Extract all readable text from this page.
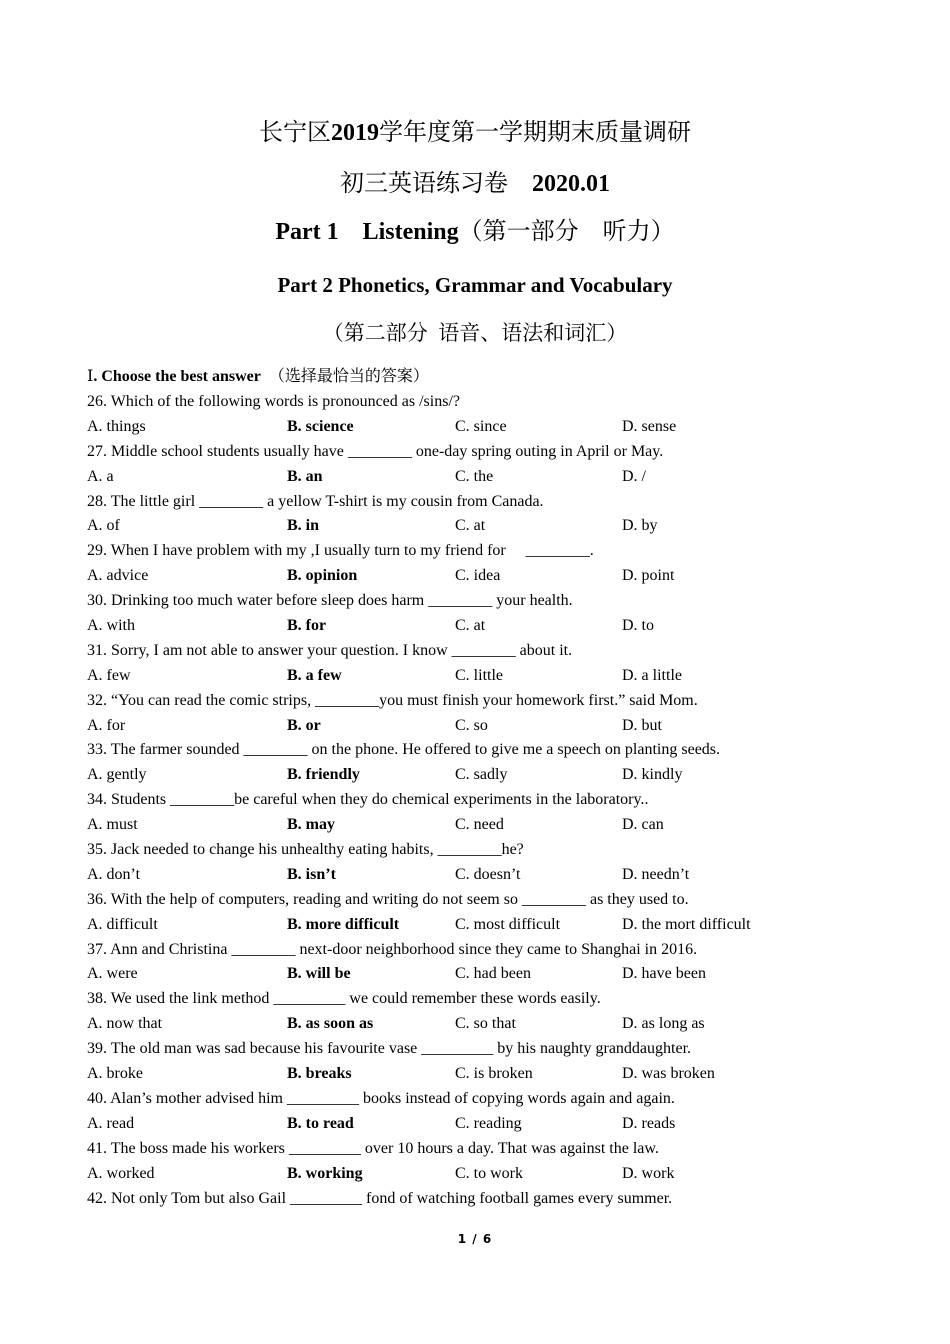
长宁区2019学年度第一学期期末质量调研
初三英语练习卷 2020.01
Part 1    Listening（第一部分　听力）
Part 2 Phonetics, Grammar and Vocabulary
（第二部分  语音、语法和词汇）
Ⅰ. Choose the best answer （选择最恰当的答案）
26. Which of the following words is pronounced as /sins/?
A. things	B. science	C. since	D. sense
27. Middle school students usually have ________ one-day spring outing in April or May.
A. a	B. an	C. the	D. /
28. The little girl ________ a yellow T-shirt is my cousin from Canada.
A. of	B. in	C. at	D. by
29. When I have problem with my ,I usually turn to my friend for     ________.
A. advice	B. opinion	C. idea	D. point
30. Drinking too much water before sleep does harm ________ your health.
A. with	B. for	C. at	D. to
31. Sorry, I am not able to answer your question. I know ________ about it.
A. few	B. a few	C. little	D. a little
32. “You can read the comic strips, ________you must finish your homework first.” said Mom.
A. for	B. or	C. so	D. but
33. The farmer sounded ________ on the phone. He offered to give me a speech on planting seeds.
A. gently	B. friendly	C. sadly	D. kindly
34. Students ________be careful when they do chemical experiments in the laboratory..
A. must	B. may	C. need	D. can
35. Jack needed to change his unhealthy eating habits, ________he?
A. don’t	B. isn’t	C. doesn’t	D. needn’t
36. With the help of computers, reading and writing do not seem so ________ as they used to.
A. difficult	B. more difficult	C. most difficult	D. the mort difficult
37. Ann and Christina ________ next-door neighborhood since they came to Shanghai in 2016.
A. were	B. will be	C. had been	D. have been
38. We used the link method _________ we could remember these words easily.
A. now that	B. as soon as	C. so that	D. as long as
39. The old man was sad because his favourite vase _________ by his naughty granddaughter.
A. broke	B. breaks	C. is broken	D. was broken
40. Alan’s mother advised him _________ books instead of copying words again and again.
A. read	B. to read	C. reading	D. reads
41. The boss made his workers _________ over 10 hours a day. That was against the law.
A. worked	B. working	C. to work	D. work
42. Not only Tom but also Gail _________ fond of watching football games every summer.
1 / 6
